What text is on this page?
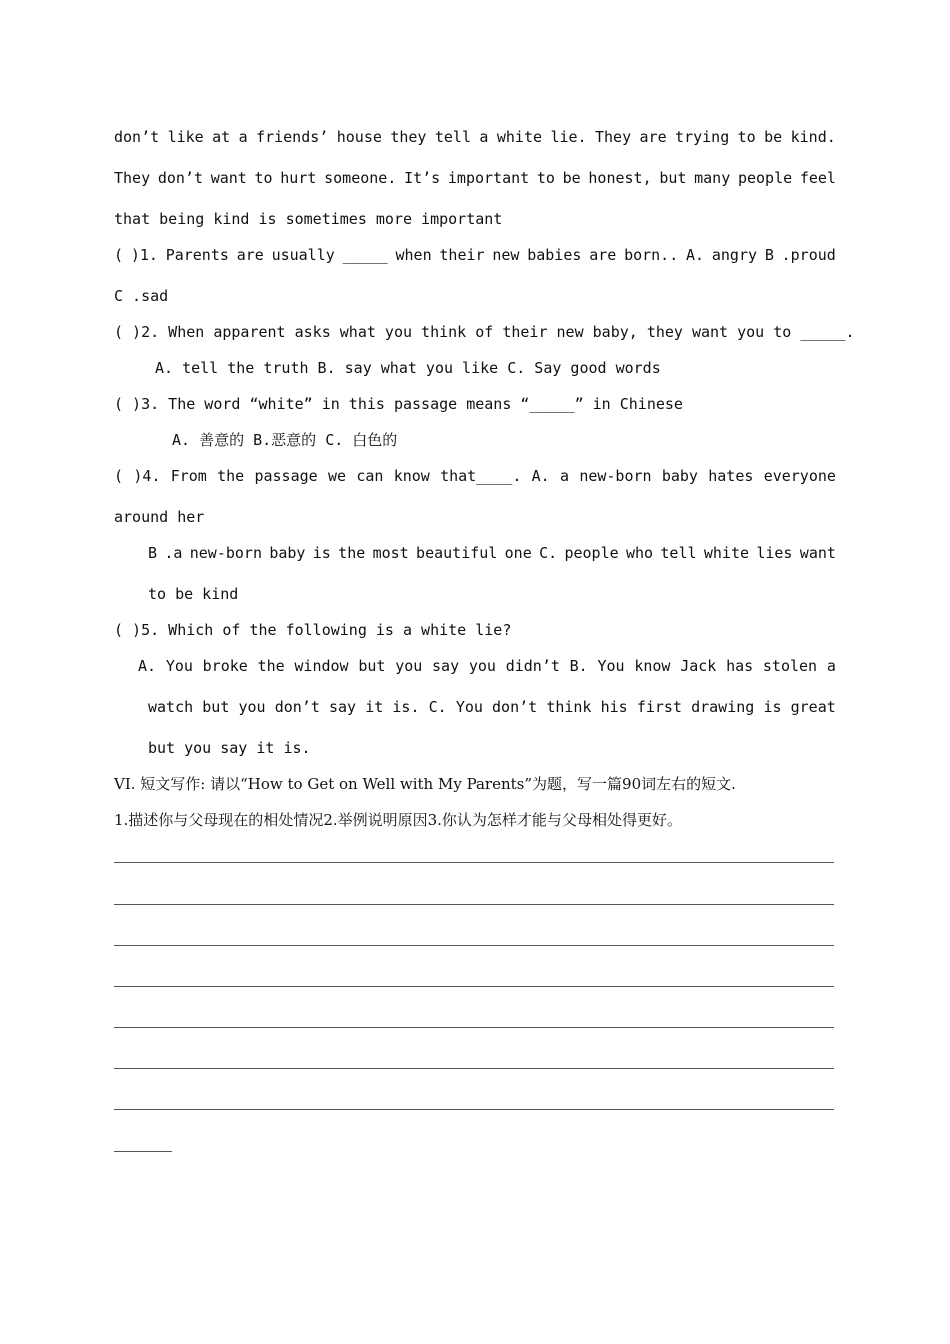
don’t like at a friends’ house they tell a white lie. They are trying to be kind.
They don’t want to hurt someone. It’s important to be honest, but many people feel
that being kind is sometimes more important
( )1. Parents are usually _____ when their new babies are born.. A. angry B .proud
C .sad
( )2. When apparent asks what you think of their new baby, they want you to _____.
A. tell the truth B. say what you like C. Say good words
( )3. The word “white” in this passage means “_____” in Chinese
A. 善意的 B.恶意的 C. 白色的
( )4. From the passage we can know that____. A. a new-born baby hates everyone
around her
B .a new-born baby is the most beautiful one C. people who tell white lies want
to be kind
( )5. Which of the following is a white lie?
A. You broke the window but you say you didn’t B. You know Jack has stolen a
watch but you don’t say it is. C. You don’t think his first drawing is great
but you say it is.
VI. 短文写作: 请以“How to Get on Well with My Parents”为题，写一篇90词左右的短文.
1.描述你与父母现在的相处情况2.举例说明原因3.你认为怎样才能与父母相处得更好。
